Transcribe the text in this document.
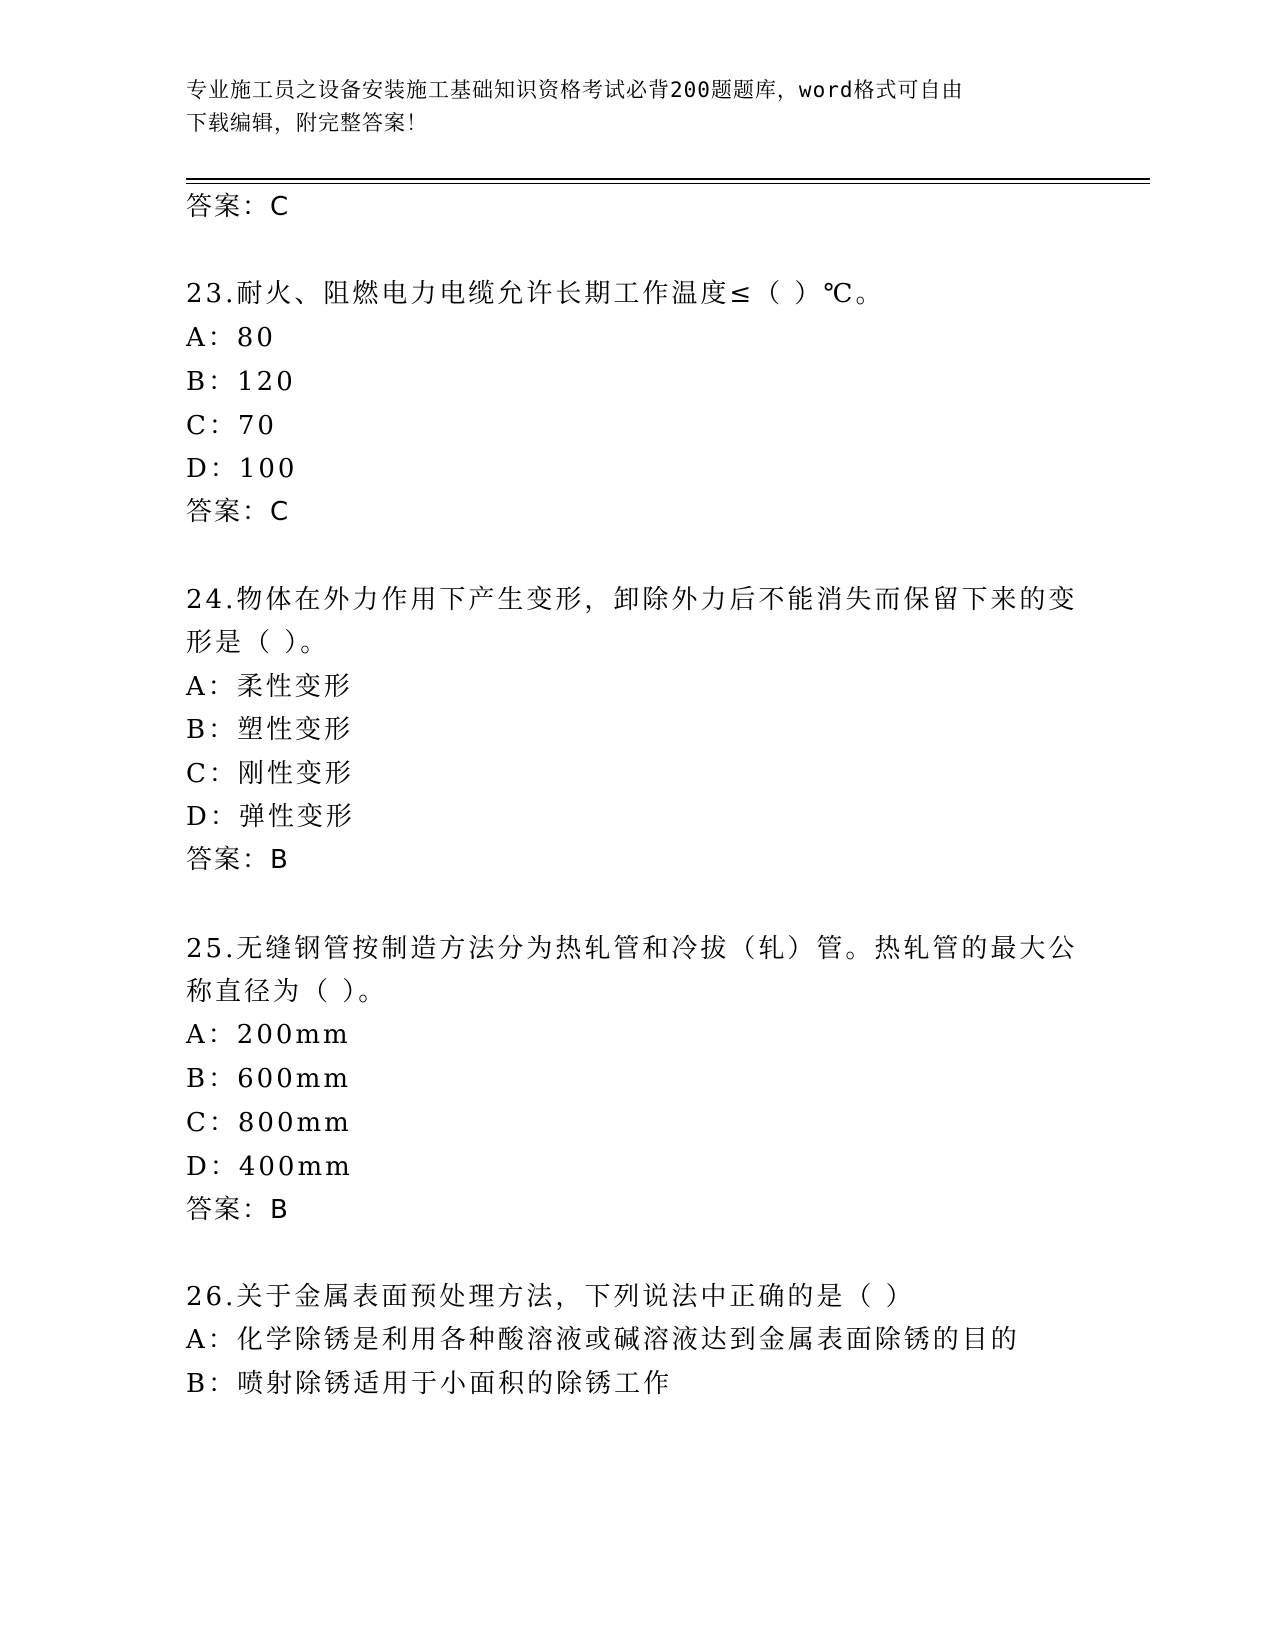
专业施工员之设备安装施工基础知识资格考试必背200题题库，word格式可自由
下载编辑，附完整答案！
答案：C
23.耐火、阻燃电力电缆允许长期工作温度≤（ ）℃。
A：80
B：120
C：70
D：100
答案：C
24.物体在外力作用下产生变形，卸除外力后不能消失而保留下来的变
形是（ ）。
A：柔性变形
B：塑性变形
C：刚性变形
D：弹性变形
答案：B
25.无缝钢管按制造方法分为热轧管和冷拔（轧）管。热轧管的最大公
称直径为（ ）。
A：200mm
B：600mm
C：800mm
D：400mm
答案：B
26.关于金属表面预处理方法，下列说法中正确的是（ ）
A：化学除锈是利用各种酸溶液或碱溶液达到金属表面除锈的目的
B：喷射除锈适用于小面积的除锈工作
